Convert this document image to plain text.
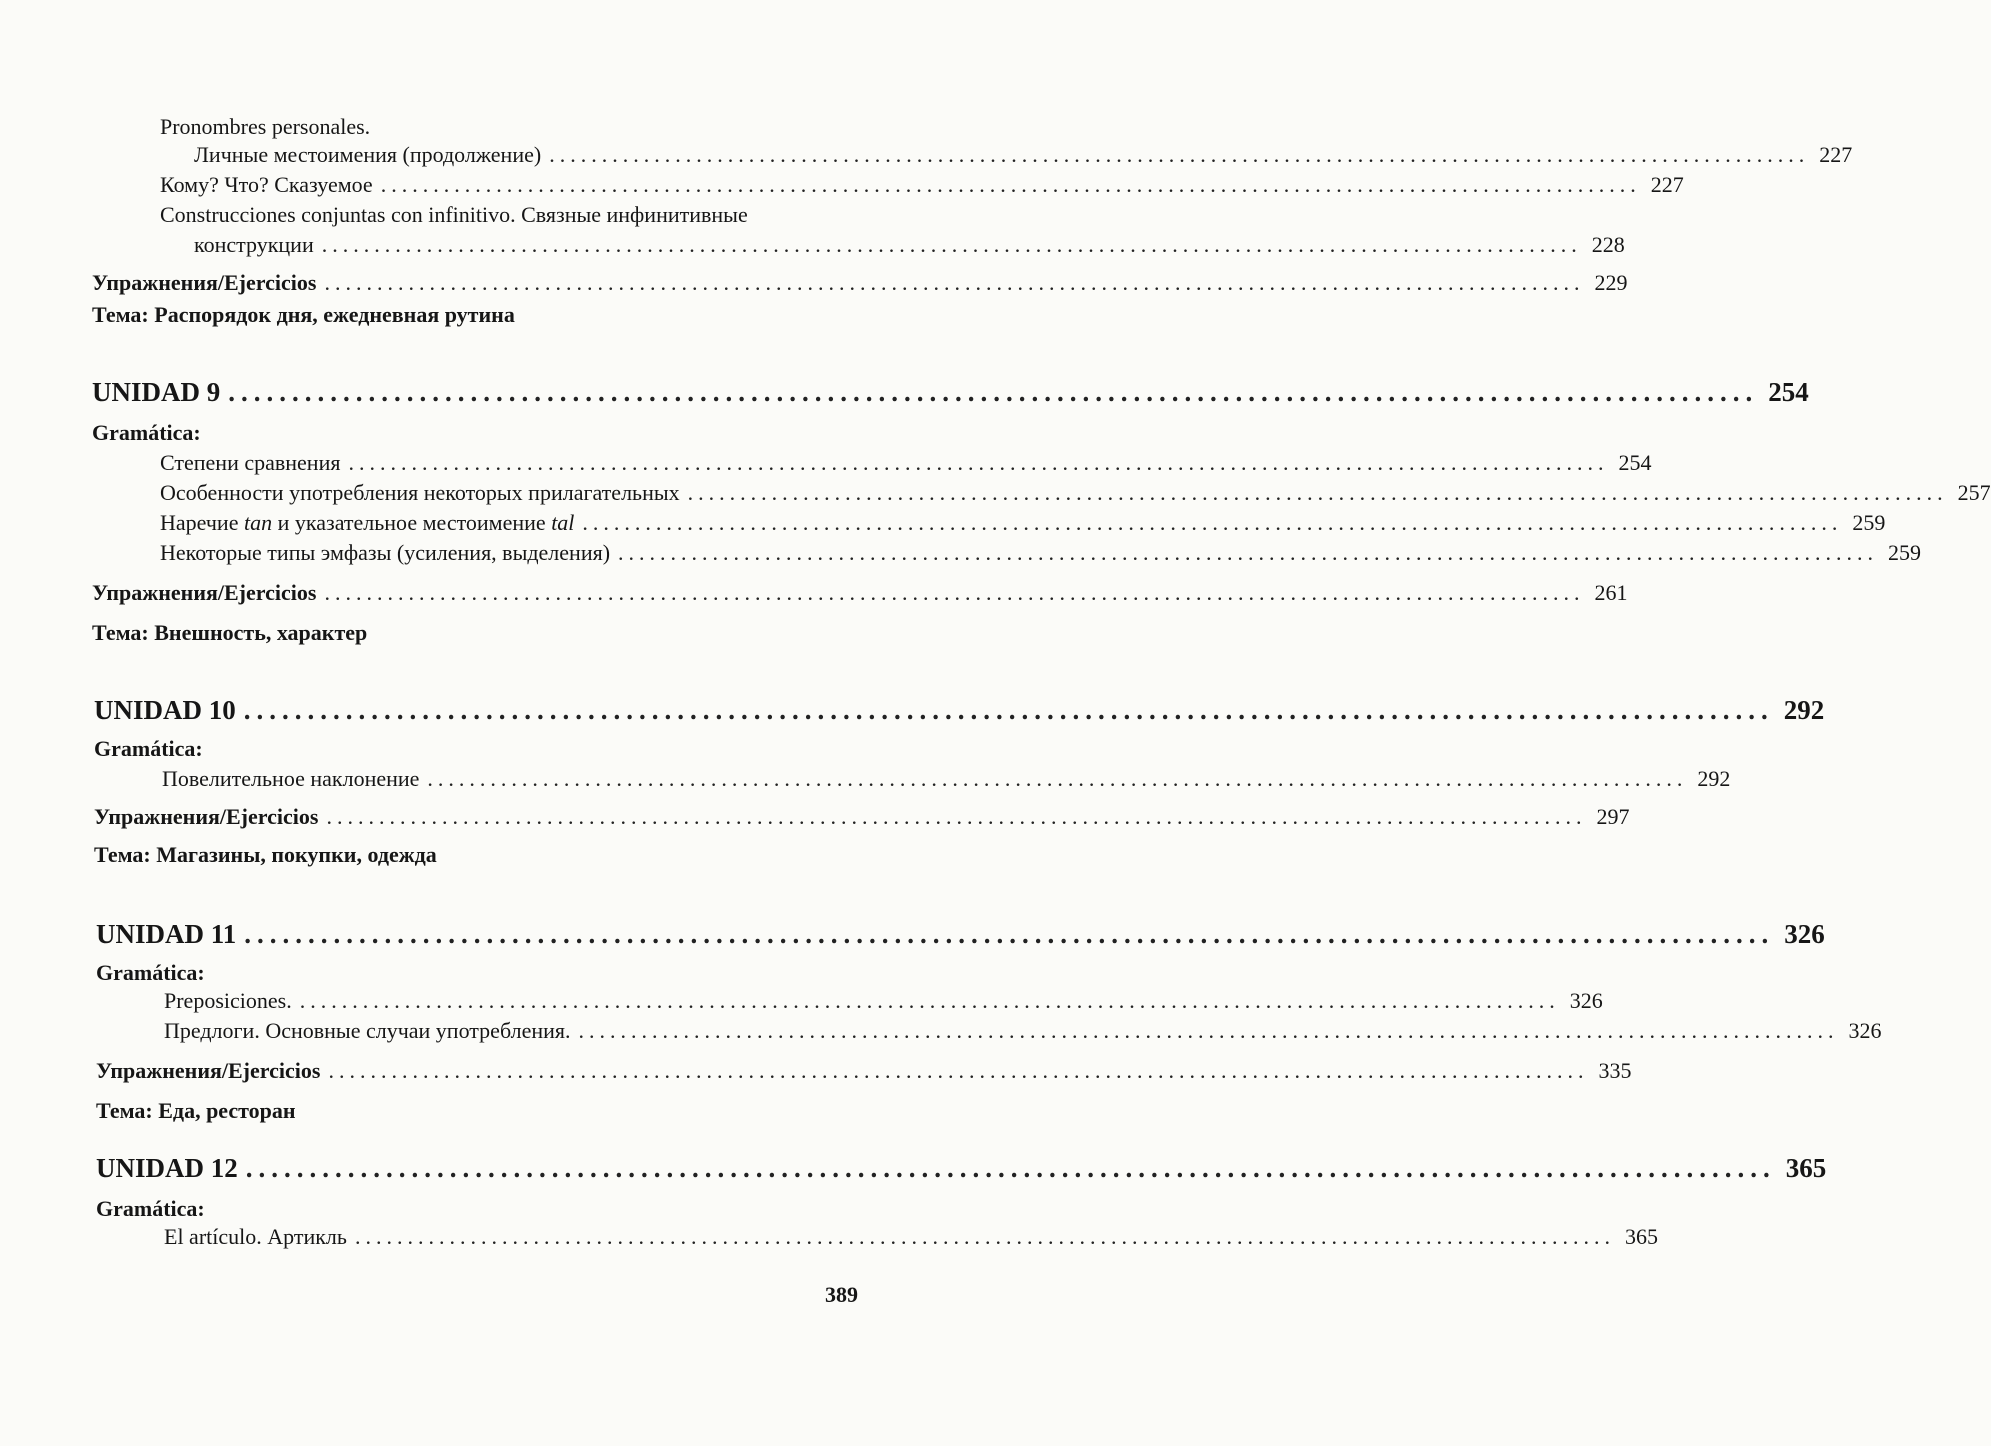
Pronombres personales.
Личные местоимения (продолжение) ........................................................................................................................ 227
Кому? Что? Сказуемое ........................................................................................................................ 227
Construcciones conjuntas con infinitivo. Связные инфинитивные
конструкции ........................................................................................................................ 228
Упражнения/Ejercicios ........................................................................................................................ 229
Тема: Распорядок дня, ежедневная рутина
UNIDAD 9 ........................................................................................................................ 254
Gramática:
Степени сравнения ........................................................................................................................ 254
Особенности употребления некоторых прилагательных ........................................................................................................................ 257
Наречие tan и указательное местоимение tal ........................................................................................................................ 259
Некоторые типы эмфазы (усиления, выделения) ........................................................................................................................ 259
Упражнения/Ejercicios ........................................................................................................................ 261
Тема: Внешность, характер
UNIDAD 10 ........................................................................................................................ 292
Gramática:
Повелительное наклонение ........................................................................................................................ 292
Упражнения/Ejercicios ........................................................................................................................ 297
Тема: Магазины, покупки, одежда
UNIDAD 11 ........................................................................................................................ 326
Gramática:
Preposiciones. ........................................................................................................................ 326
Предлоги. Основные случаи употребления. ........................................................................................................................ 326
Упражнения/Ejercicios ........................................................................................................................ 335
Тема: Еда, ресторан
UNIDAD 12 ........................................................................................................................ 365
Gramática:
El artículo. Артикль ........................................................................................................................ 365
389
